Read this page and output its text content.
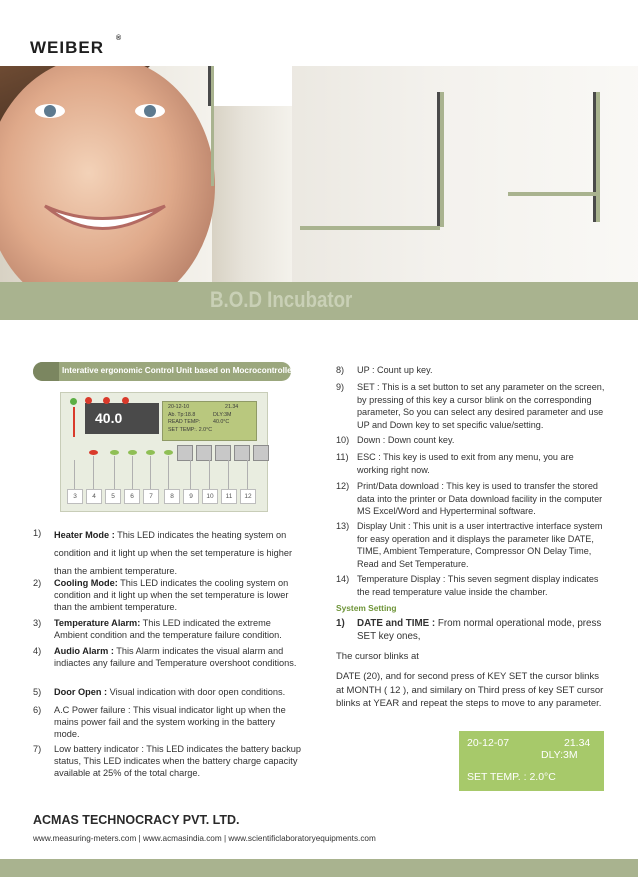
WEIBER ®
B.O.D Incubator
Interative ergonomic Control Unit based on Mocrocontroller
40.0
20-12-10	21.34
Ab. Tp:18.8	DLY:3M
READ TEMP: 40.0°C
SET TEMP:. 2.0°C
3	4	5	6	7	8	9	10	11	12
1) Heater Mode : This LED indicates the heating system on condition and it light up when the set temperature is higher than the ambient temperature.
2) Cooling Mode: This LED indicates the cooling system on condition and it light up when the set temperature is lower than the ambient temperature.
3) Temperature Alarm: This LED indicated the extreme Ambient condition and the temperature failure condition.
4) Audio Alarm : This Alarm indicates the visual alarm and indiactes any failure and Temperature overshoot conditions.
5) Door Open : Visual indication with door open conditions.
6) A.C Power failure : This visual indicator light up when the mains power fail and the system working in the battery mode.
7) Low battery indicator : This LED indicates the battery backup status, This LED indicates when the battery charge capacity available at 25% of the total charge.
8) UP : Count up key.
9) SET : This is a set button to set any parameter on the screen, by pressing of this key a cursor blink on the corresponding parameter, So you can select any desired parameter and use UP and Down key to set specific value/setting.
10) Down : Down count key.
11) ESC : This key is used to exit from any menu, you are working right now.
12) Print/Data download : This key is used to transfer the stored data into the printer or Data download facility in the computer MS Excel/Word and Hyperterminal software.
13) Display Unit : This unit is a user intertractive interface system for easy operation and it displays the parameter like DATE, TIME, Ambient Temperature, Compressor ON Delay Time, Read and Set Temperature.
14) Temperature Display : This seven segment display indicates the read temperature value inside the chamber.
System Setting
1) DATE and TIME : From normal operational mode, press SET key ones,
The cursor blinks at
DATE (20), and for second press of KEY SET the cursor blinks at MONTH ( 12 ), and similary on Third press of key SET cursor blinks at YEAR and repeat the steps to move to any parameter.
20-12-07	21.34
DLY:3M
SET TEMP. : 2.0°C
ACMAS TECHNOCRACY PVT. LTD.
www.measuring-meters.com | www.acmasindia.com | www.scientificlaboratoryequipments.com
